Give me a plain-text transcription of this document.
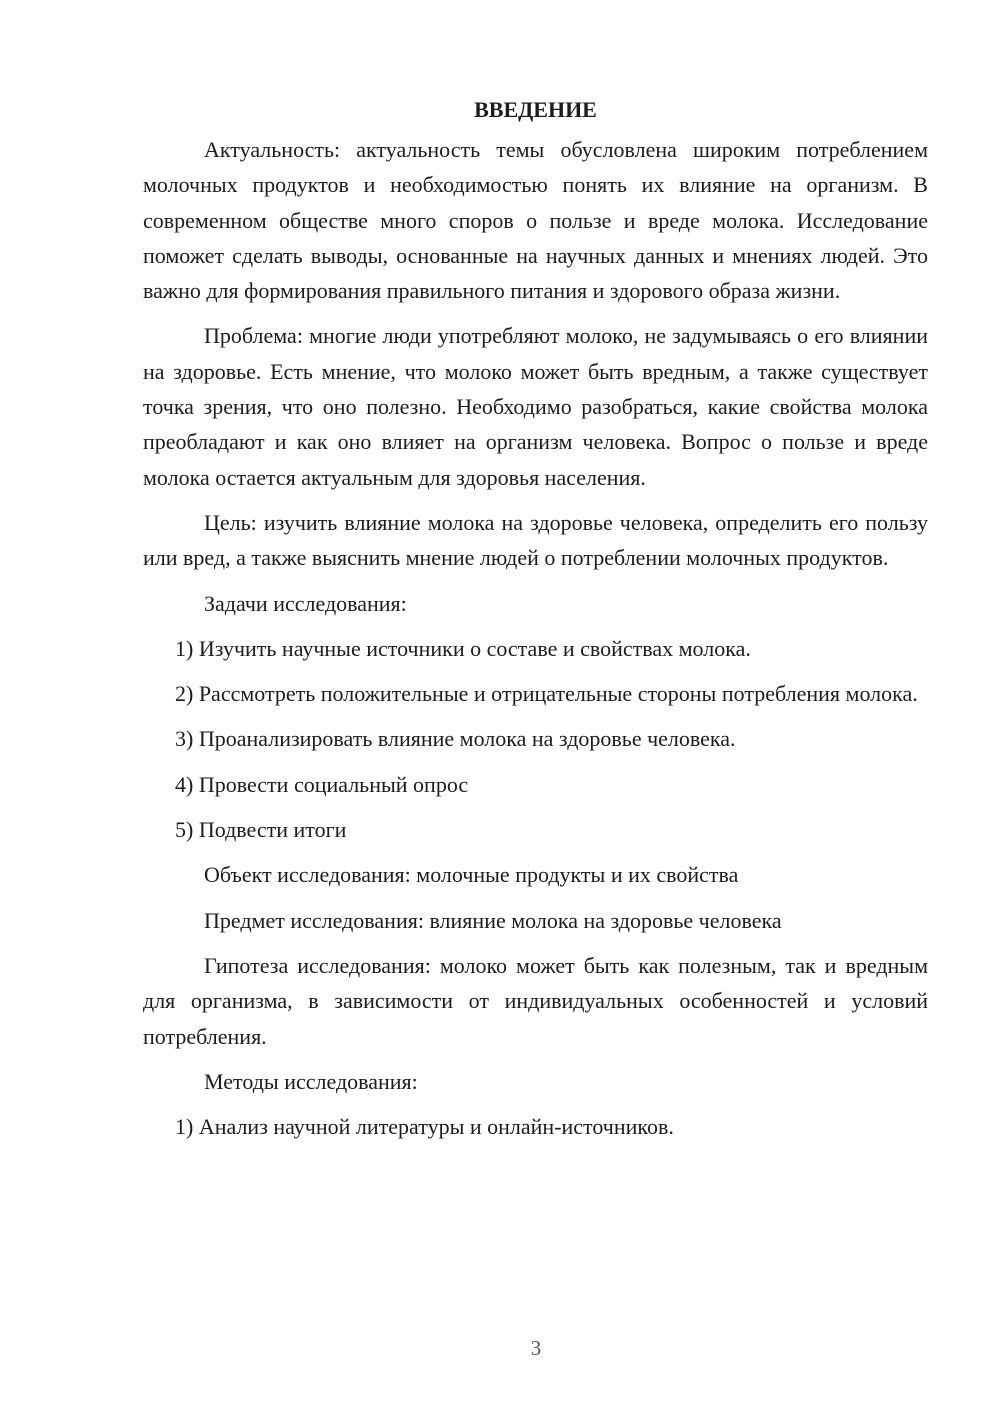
ВВЕДЕНИЕ

Актуальность: актуальность темы обусловлена широким потреблением молочных продуктов и необходимостью понять их влияние на организм. В современном обществе много споров о пользе и вреде молока. Исследование поможет сделать выводы, основанные на научных данных и мнениях людей. Это важно для формирования правильного питания и здорового образа жизни.

Проблема: многие люди употребляют молоко, не задумываясь о его влиянии на здоровье. Есть мнение, что молоко может быть вредным, а также существует точка зрения, что оно полезно. Необходимо разобраться, какие свойства молока преобладают и как оно влияет на организм человека. Вопрос о пользе и вреде молока остается актуальным для здоровья населения.

Цель: изучить влияние молока на здоровье человека, определить его пользу или вред, а также выяснить мнение людей о потреблении молочных продуктов.

Задачи исследования:

1) Изучить научные источники о составе и свойствах молока.

2) Рассмотреть положительные и отрицательные стороны потребления молока.

3) Проанализировать влияние молока на здоровье человека.

4) Провести социальный опрос

5) Подвести итоги

Объект исследования: молочные продукты и их свойства

Предмет исследования: влияние молока на здоровье человека

Гипотеза исследования: молоко может быть как полезным, так и вредным для организма, в зависимости от индивидуальных особенностей и условий потребления.

Методы исследования:

1) Анализ научной литературы и онлайн-источников.

3
